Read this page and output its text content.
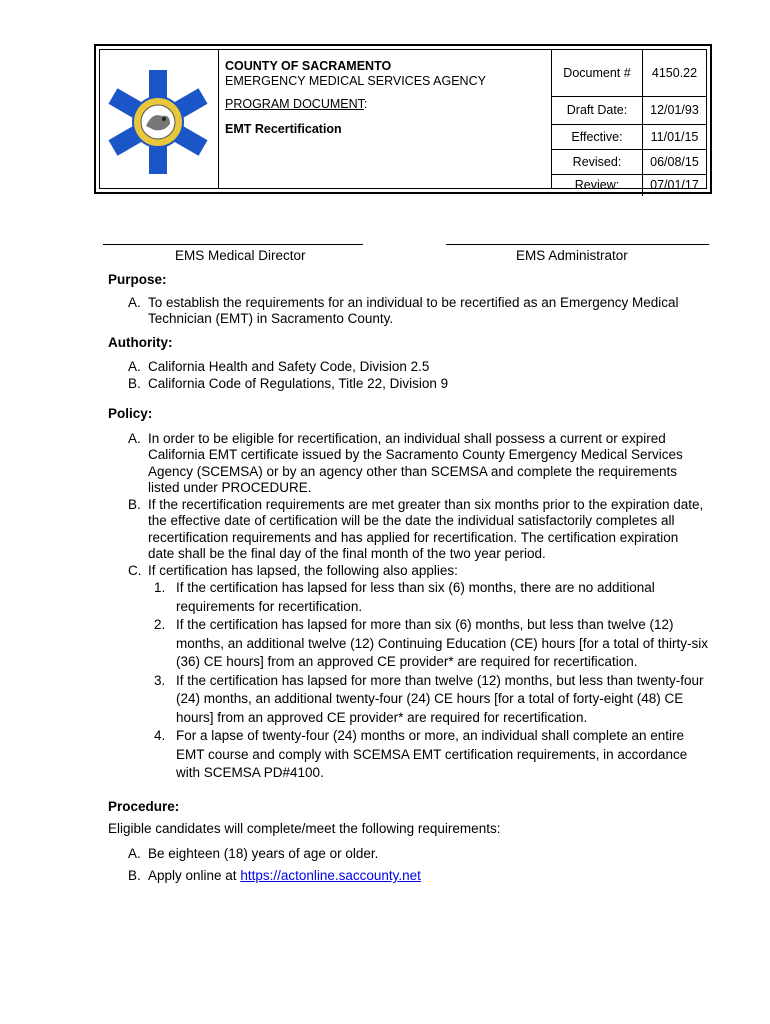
COUNTY OF SACRAMENTO
EMERGENCY MEDICAL SERVICES AGENCY
PROGRAM DOCUMENT:
EMT Recertification
Document #	4150.22
Draft Date:	12/01/93
Effective:	11/01/15
Revised:	06/08/15
Review:	07/01/17
EMS Medical Director	EMS Administrator
Purpose:
A. To establish the requirements for an individual to be recertified as an Emergency Medical Technician (EMT) in Sacramento County.
Authority:
A. California Health and Safety Code, Division 2.5
B. California Code of Regulations, Title 22, Division 9
Policy:
A. In order to be eligible for recertification, an individual shall possess a current or expired California EMT certificate issued by the Sacramento County Emergency Medical Services Agency (SCEMSA) or by an agency other than SCEMSA and complete the requirements listed under PROCEDURE.
B. If the recertification requirements are met greater than six months prior to the expiration date, the effective date of certification will be the date the individual satisfactorily completes all recertification requirements and has applied for recertification. The certification expiration date shall be the final day of the final month of the two year period.
C. If certification has lapsed, the following also applies:
1. If the certification has lapsed for less than six (6) months, there are no additional requirements for recertification.
2. If the certification has lapsed for more than six (6) months, but less than twelve (12) months, an additional twelve (12) Continuing Education (CE) hours [for a total of thirty-six (36) CE hours] from an approved CE provider* are required for recertification.
3. If the certification has lapsed for more than twelve (12) months, but less than twenty-four (24) months, an additional twenty-four (24) CE hours [for a total of forty-eight (48) CE hours] from an approved CE provider* are required for recertification.
4. For a lapse of twenty-four (24) months or more, an individual shall complete an entire EMT course and comply with SCEMSA EMT certification requirements, in accordance with SCEMSA PD#4100.
Procedure:
Eligible candidates will complete/meet the following requirements:
A. Be eighteen (18) years of age or older.
B. Apply online at https://actonline.saccounty.net
